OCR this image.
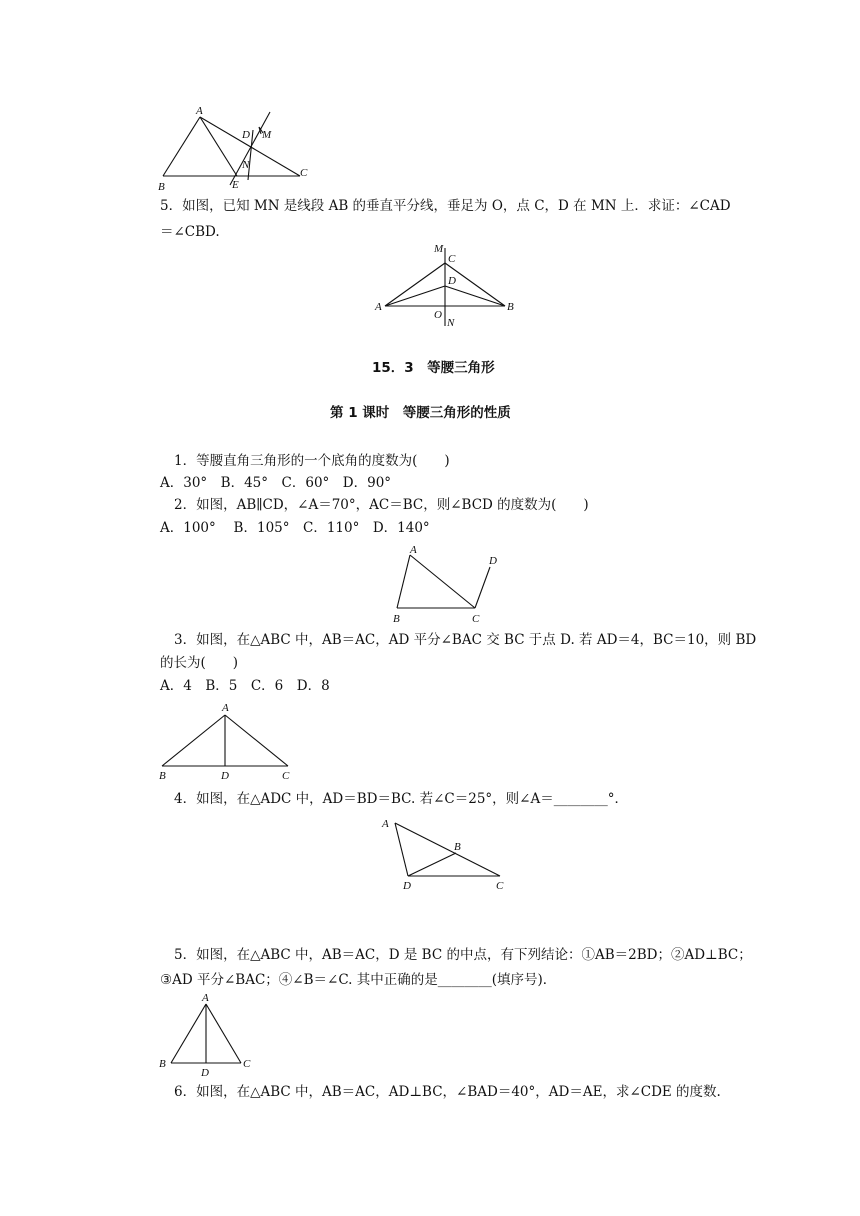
A
B
C
D M
N
E
5．如图，已知 MN 是线段 AB 的垂直平分线，垂足为 O，点 C，D 在 MN 上．求证：∠CAD
＝∠CBD.
M
C
D
A	B
O
N
15．3　等腰三角形
第 1 课时　等腰三角形的性质
1．等腰直角三角形的一个底角的度数为(　　)
A．30°　B．45°　C．60°　D．90°
2．如图，AB∥CD，∠A＝70°，AC＝BC，则∠BCD 的度数为(　　)
A．100°　 B．105°　C．110°　D．140°
A
D
B	C
3．如图，在△ABC 中，AB＝AC，AD 平分∠BAC 交 BC 于点 D. 若 AD＝4，BC＝10，则 BD
的长为(　　)
A．4　B．5　C．6　D．8
A
B	D	C
4．如图，在△ADC 中，AD＝BD＝BC. 若∠C＝25°，则∠A＝________°．
A
B
D	C
5．如图，在△ABC 中，AB＝AC，D 是 BC 的中点，有下列结论：①AB＝2BD；②AD⊥BC；
③AD 平分∠BAC；④∠B＝∠C. 其中正确的是________(填序号)．
A
B	C
D
6．如图，在△ABC 中，AB＝AC，AD⊥BC，∠BAD＝40°，AD＝AE，求∠CDE 的度数.
